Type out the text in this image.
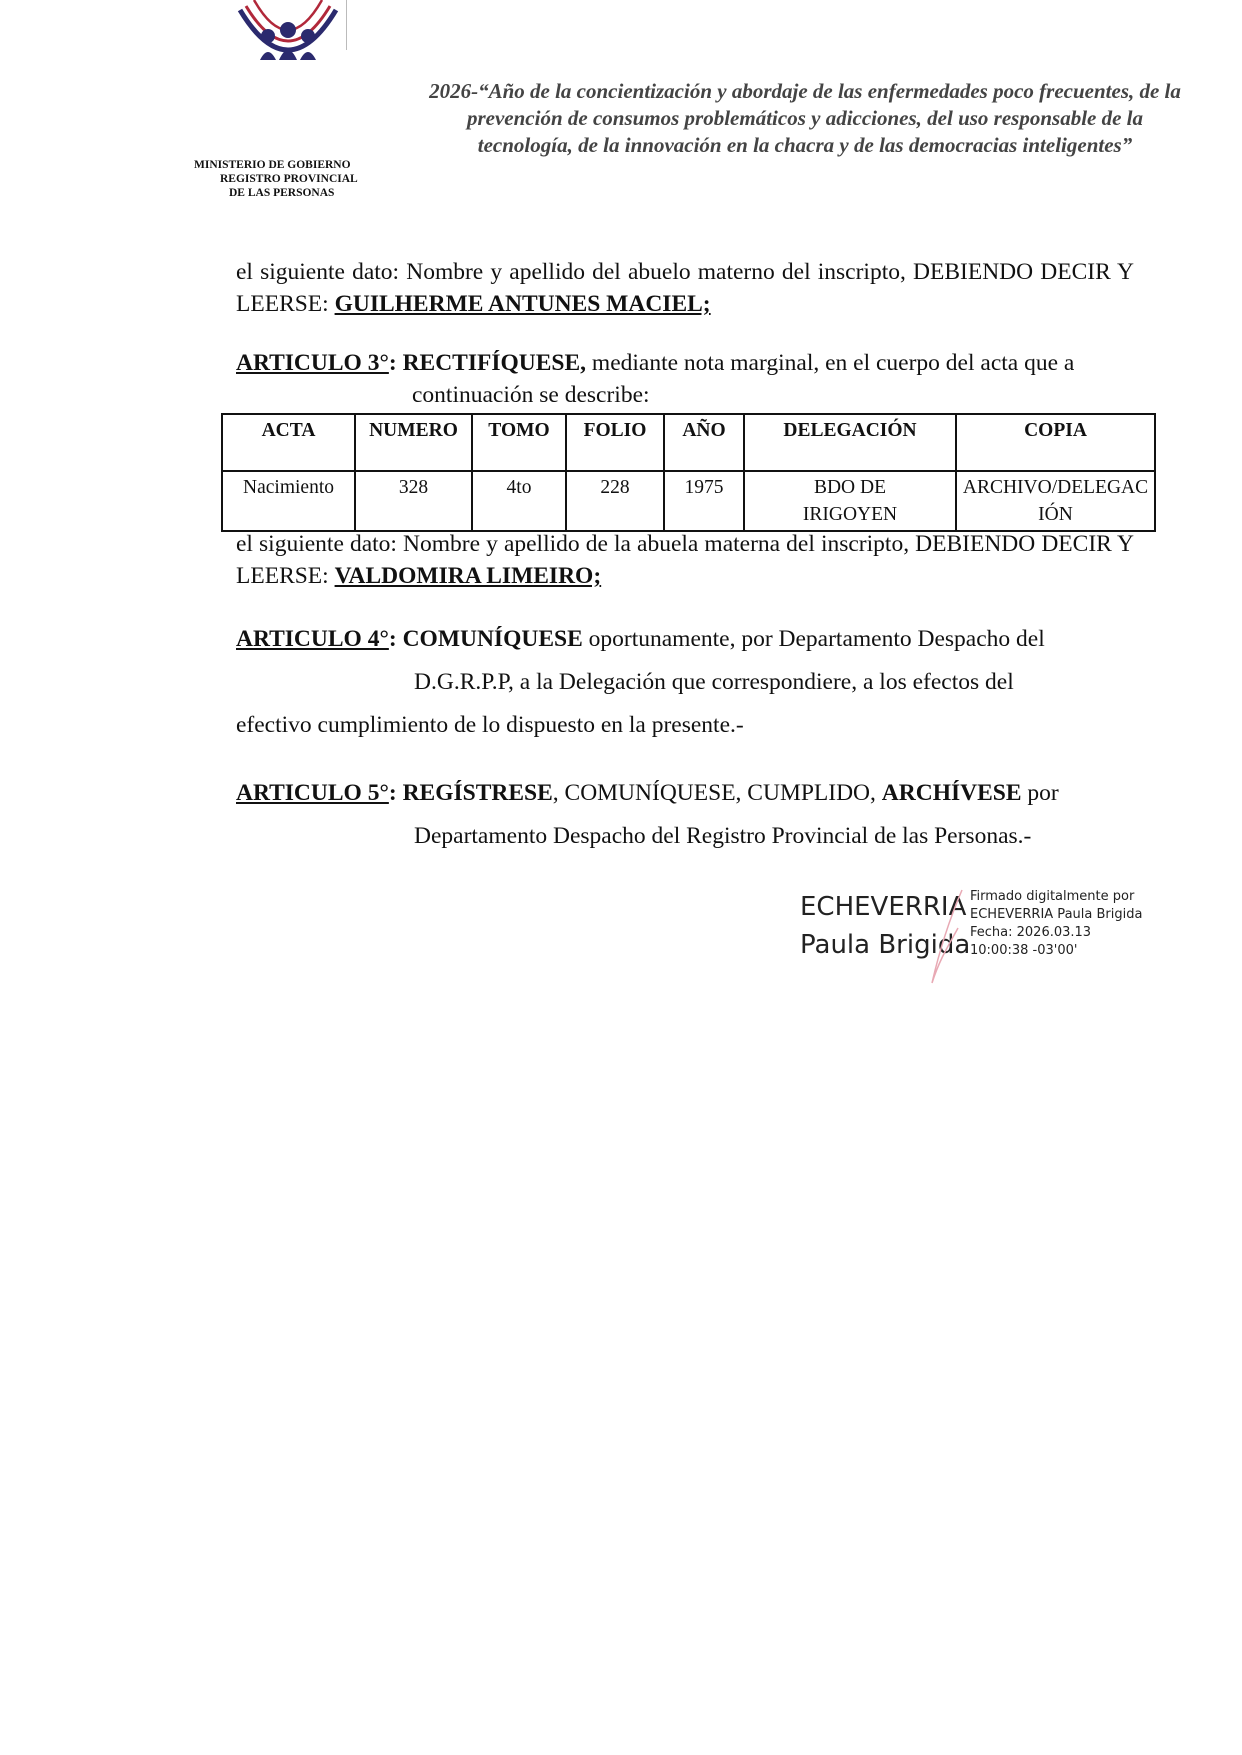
MINISTERIO DE GOBIERNO
REGISTRO PROVINCIAL
DE LAS PERSONAS
2026-“Año de la concientización y abordaje de las enfermedades poco frecuentes, de la
prevención de consumos problemáticos y adicciones, del uso responsable de la
tecnología, de la innovación en la chacra y de las democracias inteligentes”
el siguiente dato: Nombre y apellido del abuelo materno del inscripto, DEBIENDO DECIR Y LEERSE: GUILHERME ANTUNES MACIEL;
ARTICULO 3°: RECTIFÍQUESE, mediante nota marginal, en el cuerpo del acta que a
continuación se describe:
ACTA	NUMERO	TOMO	FOLIO	AÑO	DELEGACIÓN	COPIA
Nacimiento	328	4to	228	1975	BDO DE IRIGOYEN	ARCHIVO/DELEGACIÓN
el siguiente dato: Nombre y apellido de la abuela materna del inscripto, DEBIENDO DECIR Y LEERSE: VALDOMIRA LIMEIRO;
ARTICULO 4°: COMUNÍQUESE oportunamente, por Departamento Despacho del
D.G.R.P.P, a la Delegación que correspondiere, a los efectos del
efectivo cumplimiento de lo dispuesto en la presente.-
ARTICULO 5°: REGÍSTRESE, COMUNÍQUESE, CUMPLIDO, ARCHÍVESE por
Departamento Despacho del Registro Provincial de las Personas.-
ECHEVERRIA
Paula Brigida
Firmado digitalmente por
ECHEVERRIA Paula Brigida
Fecha: 2026.03.13
10:00:38 -03'00'
